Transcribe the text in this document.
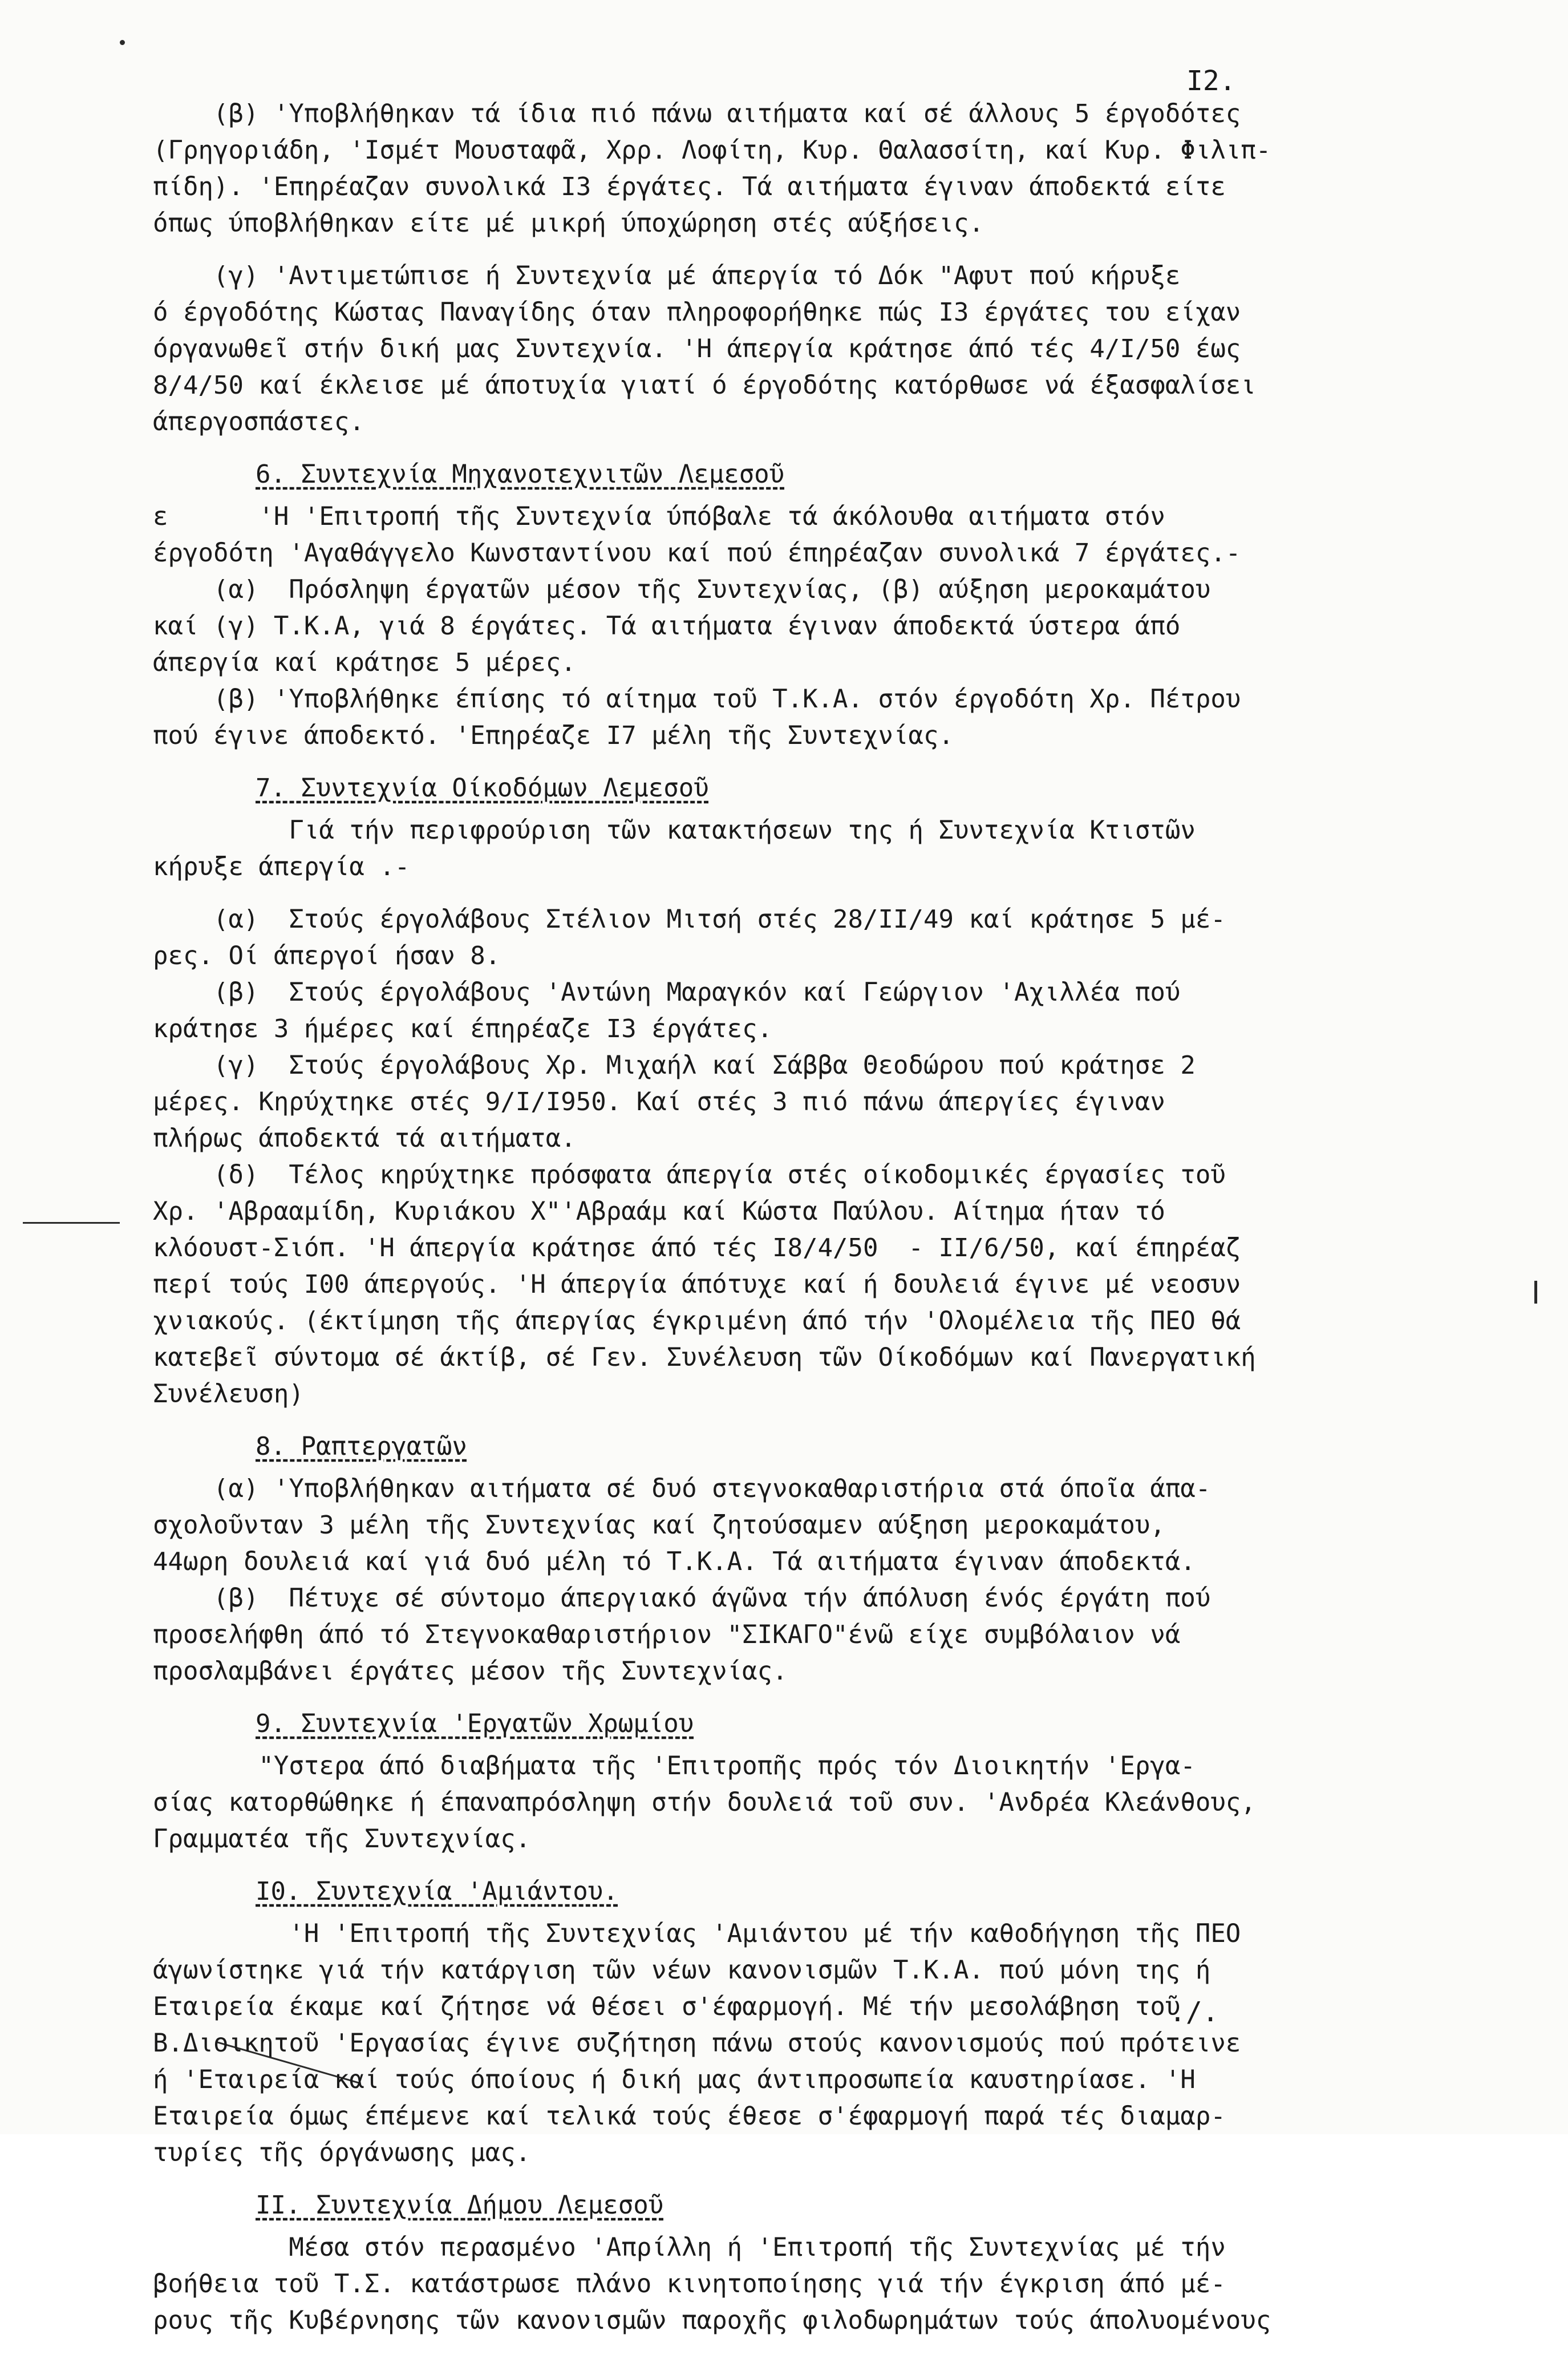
I2.
(β) 'Υποβλήθηκαν τά ίδια πιό πάνω αιτήματα καί σέ άλλους 5 έργοδότες
(Γρηγοριάδη, 'Ισμέτ Μουσταφᾶ, Χρρ. Λοφίτη, Κυρ. Θαλασσίτη, καί Κυρ. Φιλιπ-
πίδη). 'Επηρέαζαν συνολικά I3 έργάτες. Τά αιτήματα έγιναν άποδεκτά είτε
όπως ύποβλήθηκαν είτε μέ μικρή ύποχώρηση στές αύξήσεις.
(γ) 'Αντιμετώπισε ή Συντεχνία μέ άπεργία τό Δόκ "Αφυτ πού κήρυξε
ό έργοδότης Κώστας Παναγίδης όταν πληροφορήθηκε πώς I3 έργάτες του είχαν
όργανωθεῖ στήν δική μας Συντεχνία. 'Η άπεργία κράτησε άπό τές 4/I/50 έως
8/4/50 καί έκλεισε μέ άποτυχία γιατί ό έργοδότης κατόρθωσε νά έξασφαλίσει
άπεργοσπάστες.
6. Συντεχνία Μηχανοτεχνιτῶν Λεμεσοῦ
ε      'Η 'Επιτροπή τῆς Συντεχνία ύπόβαλε τά άκόλουθα αιτήματα στόν
έργοδότη 'Αγαθάγγελο Κωνσταντίνου καί πού έπηρέαζαν συνολικά 7 έργάτες.-
(α)  Πρόσληψη έργατῶν μέσον τῆς Συντεχνίας, (β) αύξηση μεροκαμάτου
καί (γ) Τ.Κ.Α, γιά 8 έργάτες. Τά αιτήματα έγιναν άποδεκτά ύστερα άπό
άπεργία καί κράτησε 5 μέρες.
(β) 'Υποβλήθηκε έπίσης τό αίτημα τοῦ Τ.Κ.Α. στόν έργοδότη Χρ. Πέτρου
πού έγινε άποδεκτό. 'Επηρέαζε I7 μέλη τῆς Συντεχνίας.
7. Συντεχνία Οίκοδόμων Λεμεσοῦ
Γιά τήν περιφρούριση τῶν κατακτήσεων της ή Συντεχνία Κτιστῶν
κήρυξε άπεργία .-
(α)  Στούς έργολάβους Στέλιον Μιτσή στές 28/II/49 καί κράτησε 5 μέ-
ρες. Οί άπεργοί ήσαν 8.
(β)  Στούς έργολάβους 'Αντώνη Μαραγκόν καί Γεώργιον 'Αχιλλέα πού
κράτησε 3 ήμέρες καί έπηρέαζε I3 έργάτες.
(γ)  Στούς έργολάβους Χρ. Μιχαήλ καί Σάββα Θεοδώρου πού κράτησε 2
μέρες. Κηρύχτηκε στές 9/I/I950. Καί στές 3 πιό πάνω άπεργίες έγιναν
πλήρως άποδεκτά τά αιτήματα.
(δ)  Τέλος κηρύχτηκε πρόσφατα άπεργία στές οίκοδομικές έργασίες τοῦ
Χρ. 'Αβρααμίδη, Κυριάκου Χ"'Αβραάμ καί Κώστα Παύλου. Αίτημα ήταν τό
κλόουστ-Σιόπ. 'Η άπεργία κράτησε άπό τές I8/4/50  - II/6/50, καί έπηρέαζ
περί τούς I00 άπεργούς. 'Η άπεργία άπότυχε καί ή δουλειά έγινε μέ νεοσυν
χνιακούς. (έκτίμηση τῆς άπεργίας έγκριμένη άπό τήν 'Ολομέλεια τῆς ΠΕΟ θά
κατεβεῖ σύντομα σέ άκτίβ, σέ Γεν. Συνέλευση τῶν Οίκοδόμων καί Πανεργατική
Συνέλευση)
8. Ραπτεργατῶν
(α) 'Υποβλήθηκαν αιτήματα σέ δυό στεγνοκαθαριστήρια στά όποῖα άπα-
σχολοῦνταν 3 μέλη τῆς Συντεχνίας καί ζητούσαμεν αύξηση μεροκαμάτου,
44ωρη δουλειά καί γιά δυό μέλη τό Τ.Κ.Α. Τά αιτήματα έγιναν άποδεκτά.
(β)  Πέτυχε σέ σύντομο άπεργιακό άγῶνα τήν άπόλυση ένός έργάτη πού
προσελήφθη άπό τό Στεγνοκαθαριστήριον "ΣΙΚΑΓΟ"ένῶ είχε συμβόλαιον νά
προσλαμβάνει έργάτες μέσον τῆς Συντεχνίας.
9. Συντεχνία 'Εργατῶν Χρωμίου
"Υστερα άπό διαβήματα τῆς 'Επιτροπῆς πρός τόν Διοικητήν 'Εργα-
σίας κατορθώθηκε ή έπαναπρόσληψη στήν δουλειά τοῦ συν. 'Ανδρέα Κλεάνθους,
Γραμματέα τῆς Συντεχνίας.
I0. Συντεχνία 'Αμιάντου.
'Η 'Επιτροπή τῆς Συντεχνίας 'Αμιάντου μέ τήν καθοδήγηση τῆς ΠΕΟ
άγωνίστηκε γιά τήν κατάργιση τῶν νέων κανονισμῶν Τ.Κ.Α. πού μόνη της ή
Εταιρεία έκαμε καί ζήτησε νά θέσει σ'έφαρμογή. Μέ τήν μεσολάβηση τοῦ
Β.Διοικητοῦ 'Εργασίας έγινε συζήτηση πάνω στούς κανονισμούς πού πρότεινε
ή 'Εταιρεία καί τούς όποίους ή δική μας άντιπροσωπεία καυστηρίασε. 'Η
Εταιρεία όμως έπέμενε καί τελικά τούς έθεσε σ'έφαρμογή παρά τές διαμαρ-
τυρίες τῆς όργάνωσης μας.
II. Συντεχνία Δήμου Λεμεσοῦ
Μέσα στόν περασμένο 'Απρίλλη ή 'Επιτροπή τῆς Συντεχνίας μέ τήν
βοήθεια τοῦ Τ.Σ. κατάστρωσε πλάνο κινητοποίησης γιά τήν έγκριση άπό μέ-
ρους τῆς Κυβέρνησης τῶν κανονισμῶν παροχῆς φιλοδωρημάτων τούς άπολυομένους
./.
